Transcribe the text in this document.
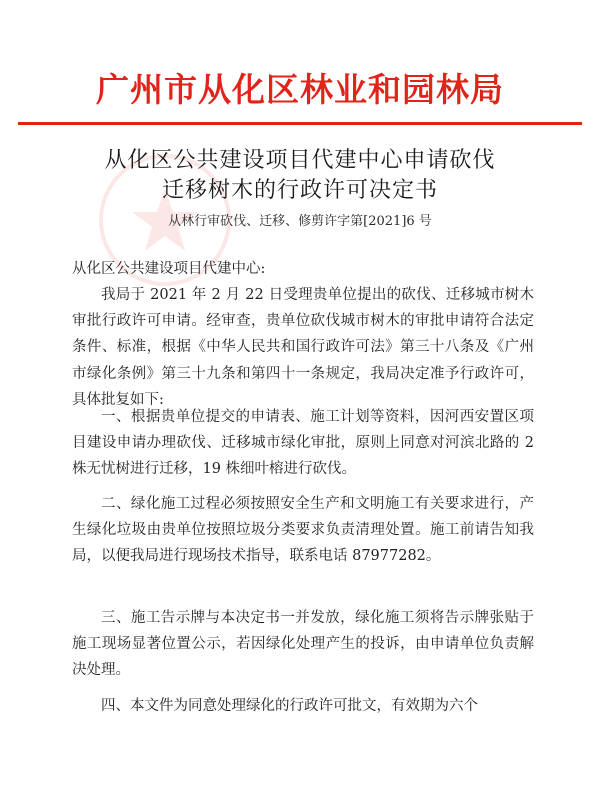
广州市从化区林业和园林局
从化区公共建设项目代建中心申请砍伐
迁移树木的行政许可决定书
从林行审砍伐、迁移、修剪许字第[2021]6 号

从化区公共建设项目代建中心:

我局于 2021 年 2 月 22 日受理贵单位提出的砍伐、迁移城市树木审批行政许可申请。经审查，贵单位砍伐城市树木的审批申请符合法定条件、标准，根据《中华人民共和国行政许可法》第三十八条及《广州市绿化条例》第三十九条和第四十一条规定，我局决定准予行政许可，具体批复如下:

一、根据贵单位提交的申请表、施工计划等资料，因河西安置区项目建设申请办理砍伐、迁移城市绿化审批，原则上同意对河滨北路的 2 株无忧树进行迁移，19 株细叶榕进行砍伐。

二、绿化施工过程必须按照安全生产和文明施工有关要求进行，产生绿化垃圾由贵单位按照垃圾分类要求负责清理处置。施工前请告知我局，以便我局进行现场技术指导，联系电话 87977282。

三、施工告示牌与本决定书一并发放，绿化施工须将告示牌张贴于施工现场显著位置公示，若因绿化处理产生的投诉，由申请单位负责解决处理。

四、本文件为同意处理绿化的行政许可批文，有效期为六个
